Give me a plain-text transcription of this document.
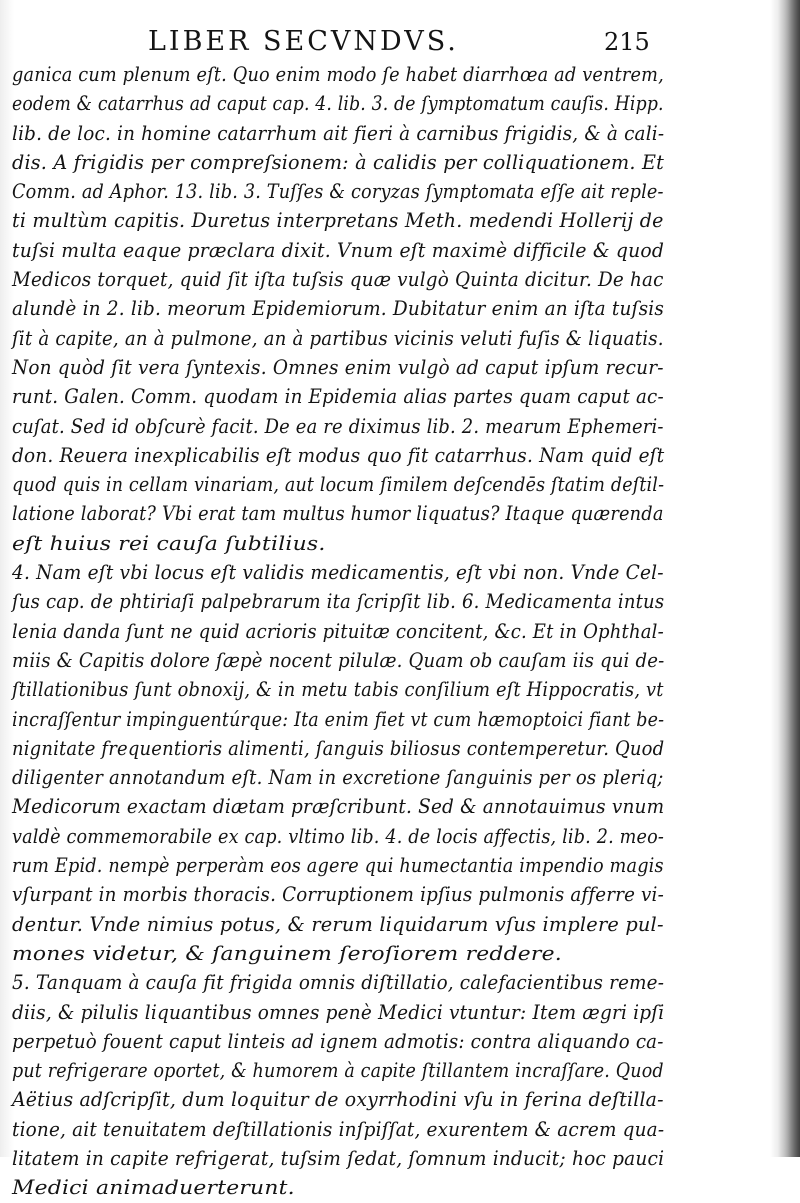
LIBER SECVNDVS.	215
ganica cum plenum eſt. Quo enim modo ſe habet diarrhœa ad ventrem,
eodem & catarrhus ad caput cap. 4. lib. 3. de ſymptomatum cauſis. Hipp.
lib. de loc. in homine catarrhum ait fieri à carnibus frigidis, & à cali-
dis. A frigidis per compreſsionem: à calidis per colliquationem. Et
Comm. ad Aphor. 13. lib. 3. Tuſſes & coryzas ſymptomata eſſe ait reple-
ti multùm capitis. Duretus interpretans Meth. medendi Hollerij de
tuſsi multa eaque præclara dixit. Vnum eſt maximè difficile & quod
Medicos torquet, quid ſit iſta tuſsis quæ vulgò Quinta dicitur. De hac
alundè in 2. lib. meorum Epidemiorum. Dubitatur enim an iſta tuſsis
ſit à capite, an à pulmone, an à partibus vicinis veluti fuſis & liquatis.
Non quòd ſit vera ſyntexis. Omnes enim vulgò ad caput ipſum recur-
runt. Galen. Comm. quodam in Epidemia alias partes quam caput ac-
cuſat. Sed id obſcurè facit. De ea re diximus lib. 2. mearum Ephemeri-
don. Reuera inexplicabilis eſt modus quo fit catarrhus. Nam quid eſt
quod quis in cellam vinariam, aut locum ſimilem deſcendēs ſtatim deſtil-
latione laborat? Vbi erat tam multus humor liquatus? Itaque quærenda
eſt huius rei cauſa ſubtilius.
4. Nam eſt vbi locus eſt validis medicamentis, eſt vbi non. Vnde Cel-
ſus cap. de phtiriaſi palpebrarum ita ſcripſit lib. 6. Medicamenta intus
lenia danda ſunt ne quid acrioris pituitæ concitent, &c. Et in Ophthal-
miis & Capitis dolore ſæpè nocent pilulæ. Quam ob cauſam iis qui de-
ſtillationibus ſunt obnoxij, & in metu tabis conſilium eſt Hippocratis, vt
incraſſentur impinguentúrque: Ita enim fiet vt cum hæmoptoici fiant be-
nignitate frequentioris alimenti, ſanguis biliosus contemperetur. Quod
diligenter annotandum eſt. Nam in excretione ſanguinis per os pleriq;
Medicorum exactam diætam præſcribunt. Sed & annotauimus vnum
valdè commemorabile ex cap. vltimo lib. 4. de locis affectis, lib. 2. meo-
rum Epid. nempè perperàm eos agere qui humectantia impendio magis
vſurpant in morbis thoracis. Corruptionem ipſius pulmonis afferre vi-
dentur. Vnde nimius potus, & rerum liquidarum vſus implere pul-
mones videtur, & ſanguinem ſeroſiorem reddere.
5. Tanquam à cauſa fit frigida omnis diſtillatio, calefacientibus reme-
diis, & pilulis liquantibus omnes penè Medici vtuntur: Item ægri ipſi
perpetuò fouent caput linteis ad ignem admotis: contra aliquando ca-
put refrigerare oportet, & humorem à capite ſtillantem incraſſare. Quod
Aëtius adſcripſit, dum loquitur de oxyrrhodini vſu in ferina deſtilla-
tione, ait tenuitatem deſtillationis inſpiſſat, exurentem & acrem qua-
litatem in capite refrigerat, tuſsim ſedat, ſomnum inducit; hoc pauci
Medici animaduerterunt.
